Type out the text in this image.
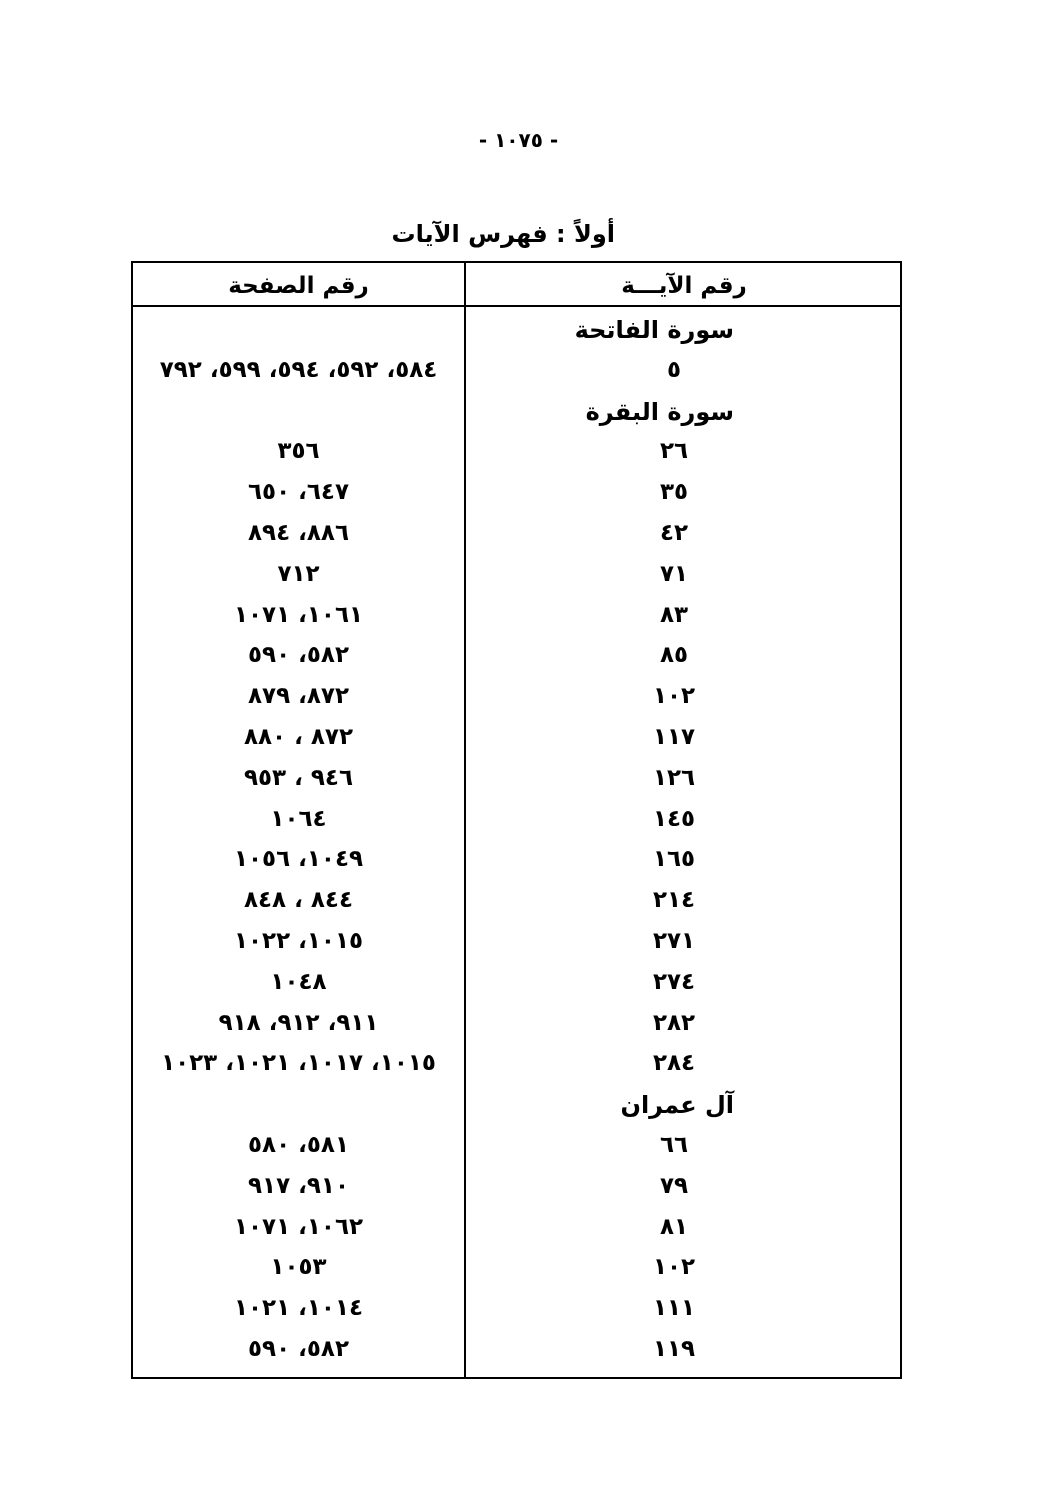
- ١٠٧٥ -
أولاً : فهرس الآيات
رقم الآيـــة
رقم الصفحة
سورة الفاتحة
٥
٥٨٤، ٥٩٢، ٥٩٤، ٥٩٩، ٧٩٢
سورة البقرة
٢٦
٣٥٦
٣٥
٦٤٧، ٦٥٠
٤٢
٨٨٦، ٨٩٤
٧١
٧١٢
٨٣
١٠٦١، ١٠٧١
٨٥
٥٨٢، ٥٩٠
١٠٢
٨٧٢، ٨٧٩
١١٧
٨٧٢ ، ٨٨٠
١٢٦
٩٤٦ ، ٩٥٣
١٤٥
١٠٦٤
١٦٥
١٠٤٩، ١٠٥٦
٢١٤
٨٤٤ ، ٨٤٨
٢٧١
١٠١٥، ١٠٢٢
٢٧٤
١٠٤٨
٢٨٢
٩١١، ٩١٢، ٩١٨
٢٨٤
١٠١٥، ١٠١٧، ١٠٢١، ١٠٢٣
آل عمران
٦٦
٥٨١، ٥٨٠
٧٩
٩١٠، ٩١٧
٨١
١٠٦٢، ١٠٧١
١٠٢
١٠٥٣
١١١
١٠١٤، ١٠٢١
١١٩
٥٨٢، ٥٩٠
